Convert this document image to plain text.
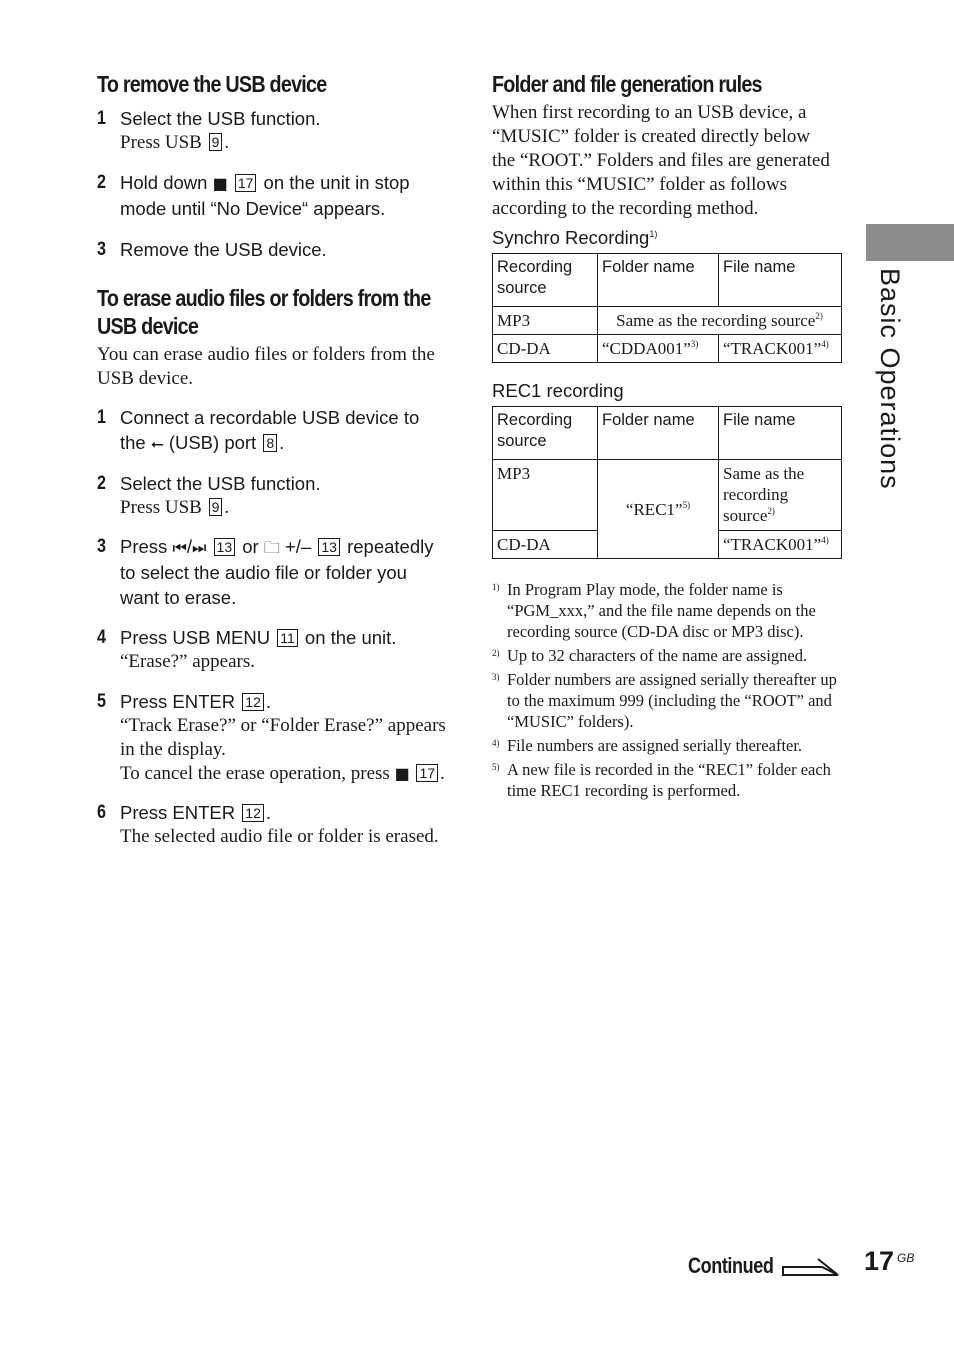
To remove the USB device
1 Select the USB function.
Press USB 9 .
2 Hold down ■ 17 on the unit in stop mode until “No Device“ appears.
3 Remove the USB device.
To erase audio files or folders from the USB device

You can erase audio files or folders from the USB device.

1 Connect a recordable USB device to the ⭠ (USB) port 8 .
2 Select the USB function.
Press USB 9 .
3 Press ⏮/⏭ 13 or 🗀 +/– 13 repeatedly to select the audio file or folder you want to erase.
4 Press USB MENU 11 on the unit.
“Erase?” appears.
5 Press ENTER 12 .
“Track Erase?” or “Folder Erase?” appears in the display.
To cancel the erase operation, press ■ 17 .
6 Press ENTER 12 .
The selected audio file or folder is erased.
Folder and file generation rules

When first recording to an USB device, a “MUSIC” folder is created directly below the “ROOT.” Folders and files are generated within this “MUSIC” folder as follows according to the recording method.

Synchro Recording$^{1)}$
Recording source	Folder name	File name
MP3	Same as the recording source$^{2)}$
CD-DA	“CDDA001”$^{3)}$	“TRACK001”$^{4)}$
REC1 recording
Recording source	Folder name	File name
MP3	“REC1”$^{5)}$	Same as the recording source$^{2)}$
CD-DA		“TRACK001”$^{4)}$
1) In Program Play mode, the folder name is “PGM_xxx,” and the file name depends on the recording source (CD-DA disc or MP3 disc).
2) Up to 32 characters of the name are assigned.
3) Folder numbers are assigned serially thereafter up to the maximum 999 (including the “ROOT” and “MUSIC” folders).
4) File numbers are assigned serially thereafter.
5) A new file is recorded in the “REC1” folder each time REC1 recording is performed.
Basic Operations
Continued	17 GB
